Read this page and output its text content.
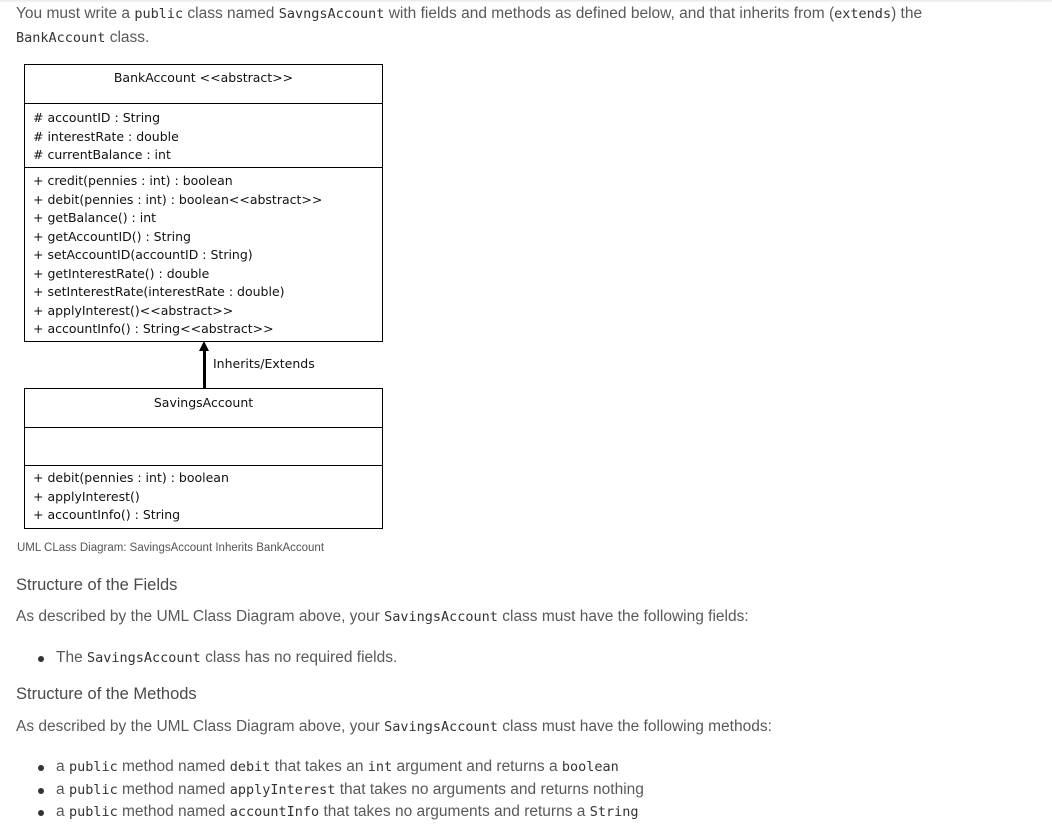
You must write a public class named SavngsAccount with fields and methods as defined below, and that inherits from (extends) the
BankAccount class.

BankAccount <<abstract>>
# accountID : String
# interestRate : double
# currentBalance : int
+ credit(pennies : int) : boolean
+ debit(pennies : int) : boolean<<abstract>>
+ getBalance() : int
+ getAccountID() : String
+ setAccountID(accountID : String)
+ getInterestRate() : double
+ setInterestRate(interestRate : double)
+ applyInterest()<<abstract>>
+ accountInfo() : String<<abstract>>
Inherits/Extends
SavingsAccount
+ debit(pennies : int) : boolean
+ applyInterest()
+ accountInfo() : String
UML CLass Diagram: SavingsAccount Inherits BankAccount
Structure of the Fields

As described by the UML Class Diagram above, your SavingsAccount class must have the following fields:

The SavingsAccount class has no required fields.
Structure of the Methods

As described by the UML Class Diagram above, your SavingsAccount class must have the following methods:

a public method named debit that takes an int argument and returns a boolean
a public method named applyInterest that takes no arguments and returns nothing
a public method named accountInfo that takes no arguments and returns a String
